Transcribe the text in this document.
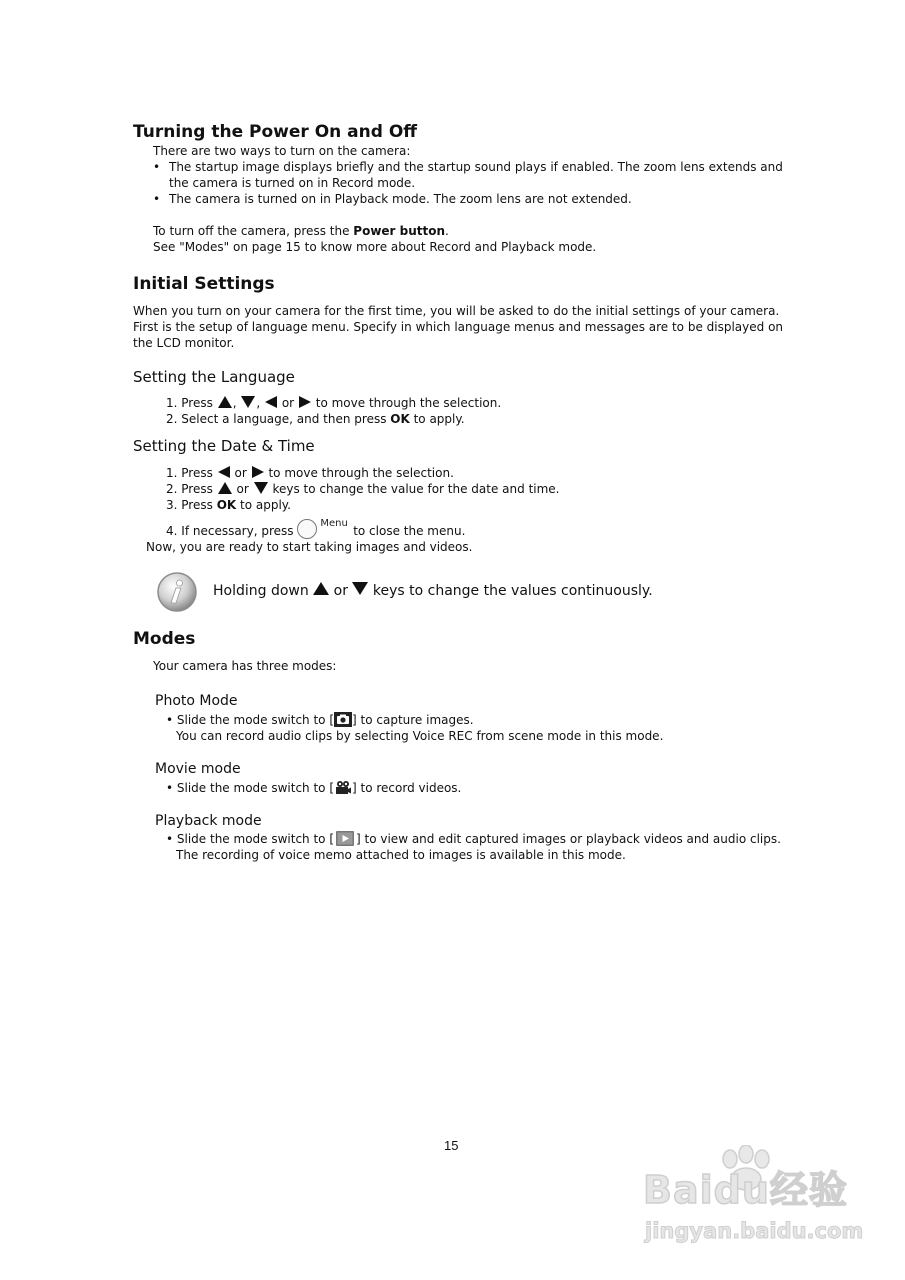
Turning the Power On and Off
There are two ways to turn on the camera:
• The startup image displays briefly and the startup sound plays if enabled. The zoom lens extends and
the camera is turned on in Record mode.
• The camera is turned on in Playback mode. The zoom lens are not extended.
To turn off the camera, press the Power button.
See "Modes" on page 15 to know more about Record and Playback mode.
Initial Settings
When you turn on your camera for the first time, you will be asked to do the initial settings of your camera.
First is the setup of language menu. Specify in which language menus and messages are to be displayed on
the LCD monitor.
Setting the Language
1. Press , ,  or to move through the selection.
2. Select a language, and then press OK to apply.
Setting the Date & Time
1. Press or to move through the selection.
2. Press or keys to change the value for the date and time.
3. Press OK to apply.
4. If necessary, press
Menu
to close the menu.
Now, you are ready to start taking images and videos.
Holding down or keys to change the values continuously.
Modes
Your camera has three modes:
Photo Mode
• Slide the mode switch to [ ] to capture images.
You can record audio clips by selecting Voice REC from scene mode in this mode.
Movie mode
• Slide the mode switch to [ ] to record videos.
Playback mode
• Slide the mode switch to [ ] to view and edit captured images or playback videos and audio clips.
The recording of voice memo attached to images is available in this mode.
15
Baidu经验
jingyan.baidu.com
